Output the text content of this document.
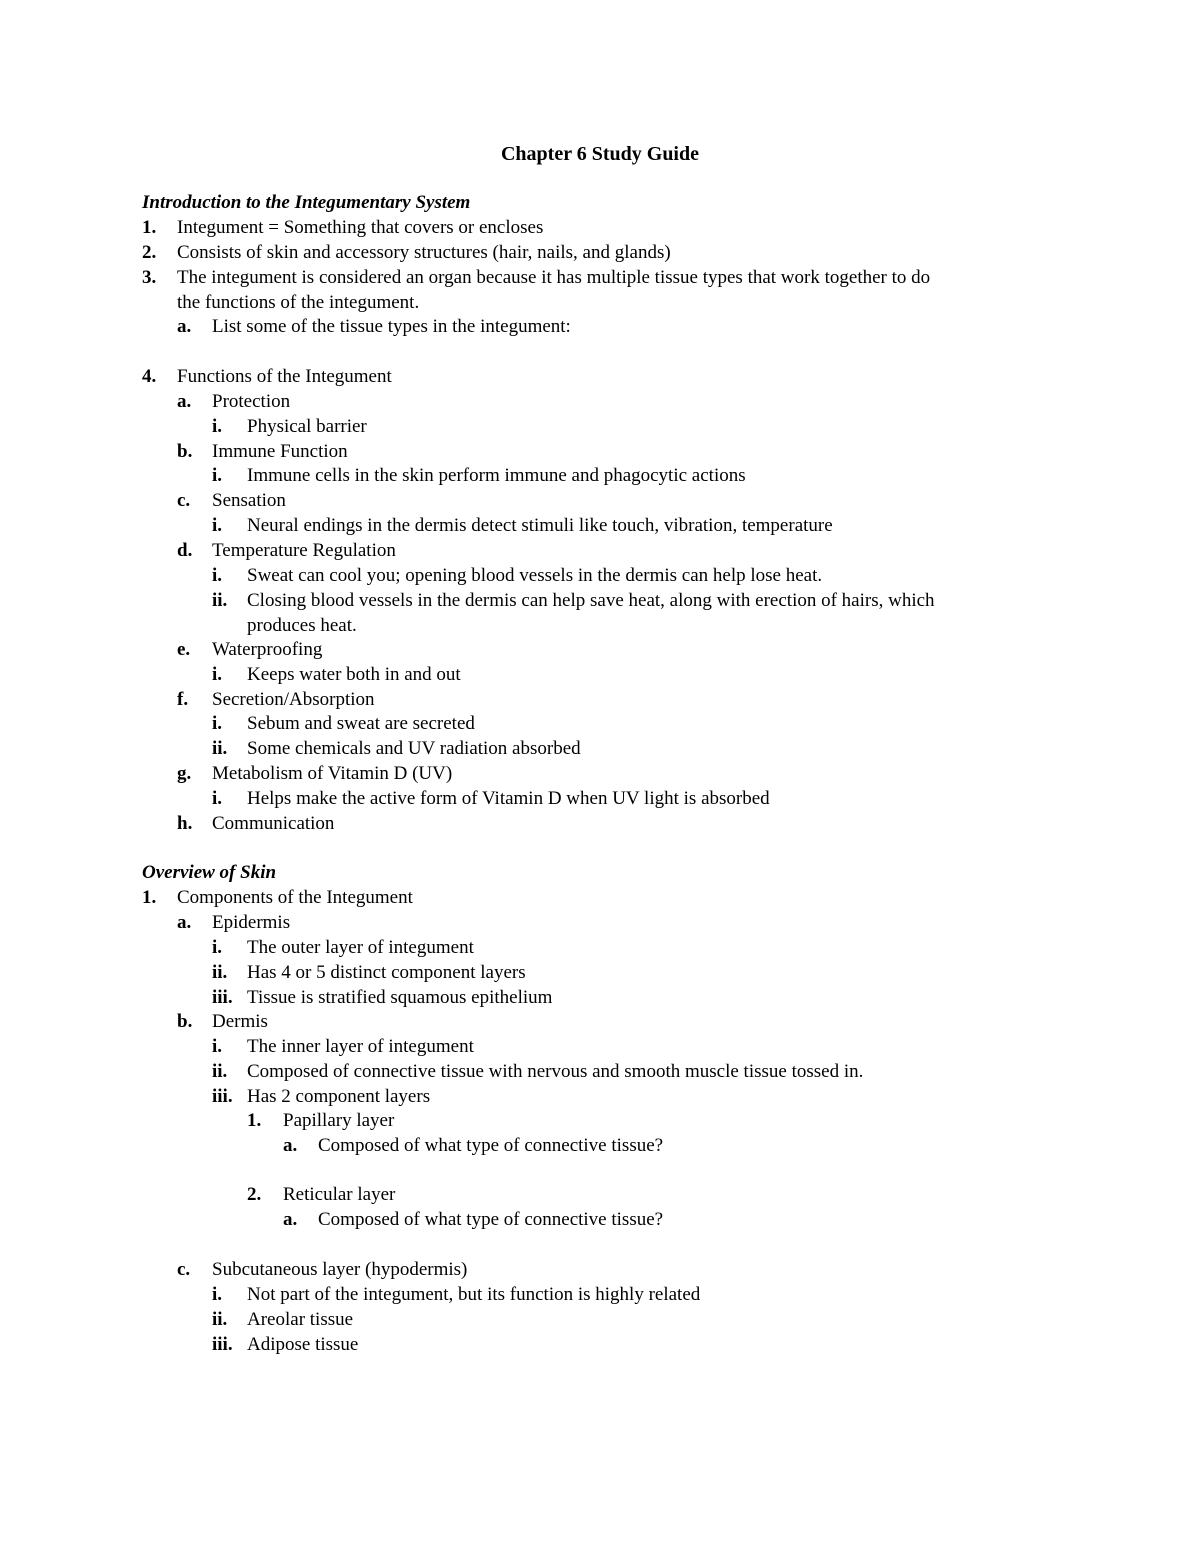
Chapter 6 Study Guide
Introduction to the Integumentary System
1. Integument = Something that covers or encloses
2. Consists of skin and accessory structures (hair, nails, and glands)
3. The integument is considered an organ because it has multiple tissue types that work together to do
the functions of the integument.
a. List some of the tissue types in the integument:
4. Functions of the Integument
a. Protection
i. Physical barrier
b. Immune Function
i. Immune cells in the skin perform immune and phagocytic actions
c. Sensation
i. Neural endings in the dermis detect stimuli like touch, vibration, temperature
d. Temperature Regulation
i. Sweat can cool you; opening blood vessels in the dermis can help lose heat.
ii. Closing blood vessels in the dermis can help save heat, along with erection of hairs, which
produces heat.
e. Waterproofing
i. Keeps water both in and out
f. Secretion/Absorption
i. Sebum and sweat are secreted
ii. Some chemicals and UV radiation absorbed
g. Metabolism of Vitamin D (UV)
i. Helps make the active form of Vitamin D when UV light is absorbed
h. Communication
Overview of Skin
1. Components of the Integument
a. Epidermis
i. The outer layer of integument
ii. Has 4 or 5 distinct component layers
iii. Tissue is stratified squamous epithelium
b. Dermis
i. The inner layer of integument
ii. Composed of connective tissue with nervous and smooth muscle tissue tossed in.
iii. Has 2 component layers
1. Papillary layer
a. Composed of what type of connective tissue?
2. Reticular layer
a. Composed of what type of connective tissue?
c. Subcutaneous layer (hypodermis)
i. Not part of the integument, but its function is highly related
ii. Areolar tissue
iii. Adipose tissue
